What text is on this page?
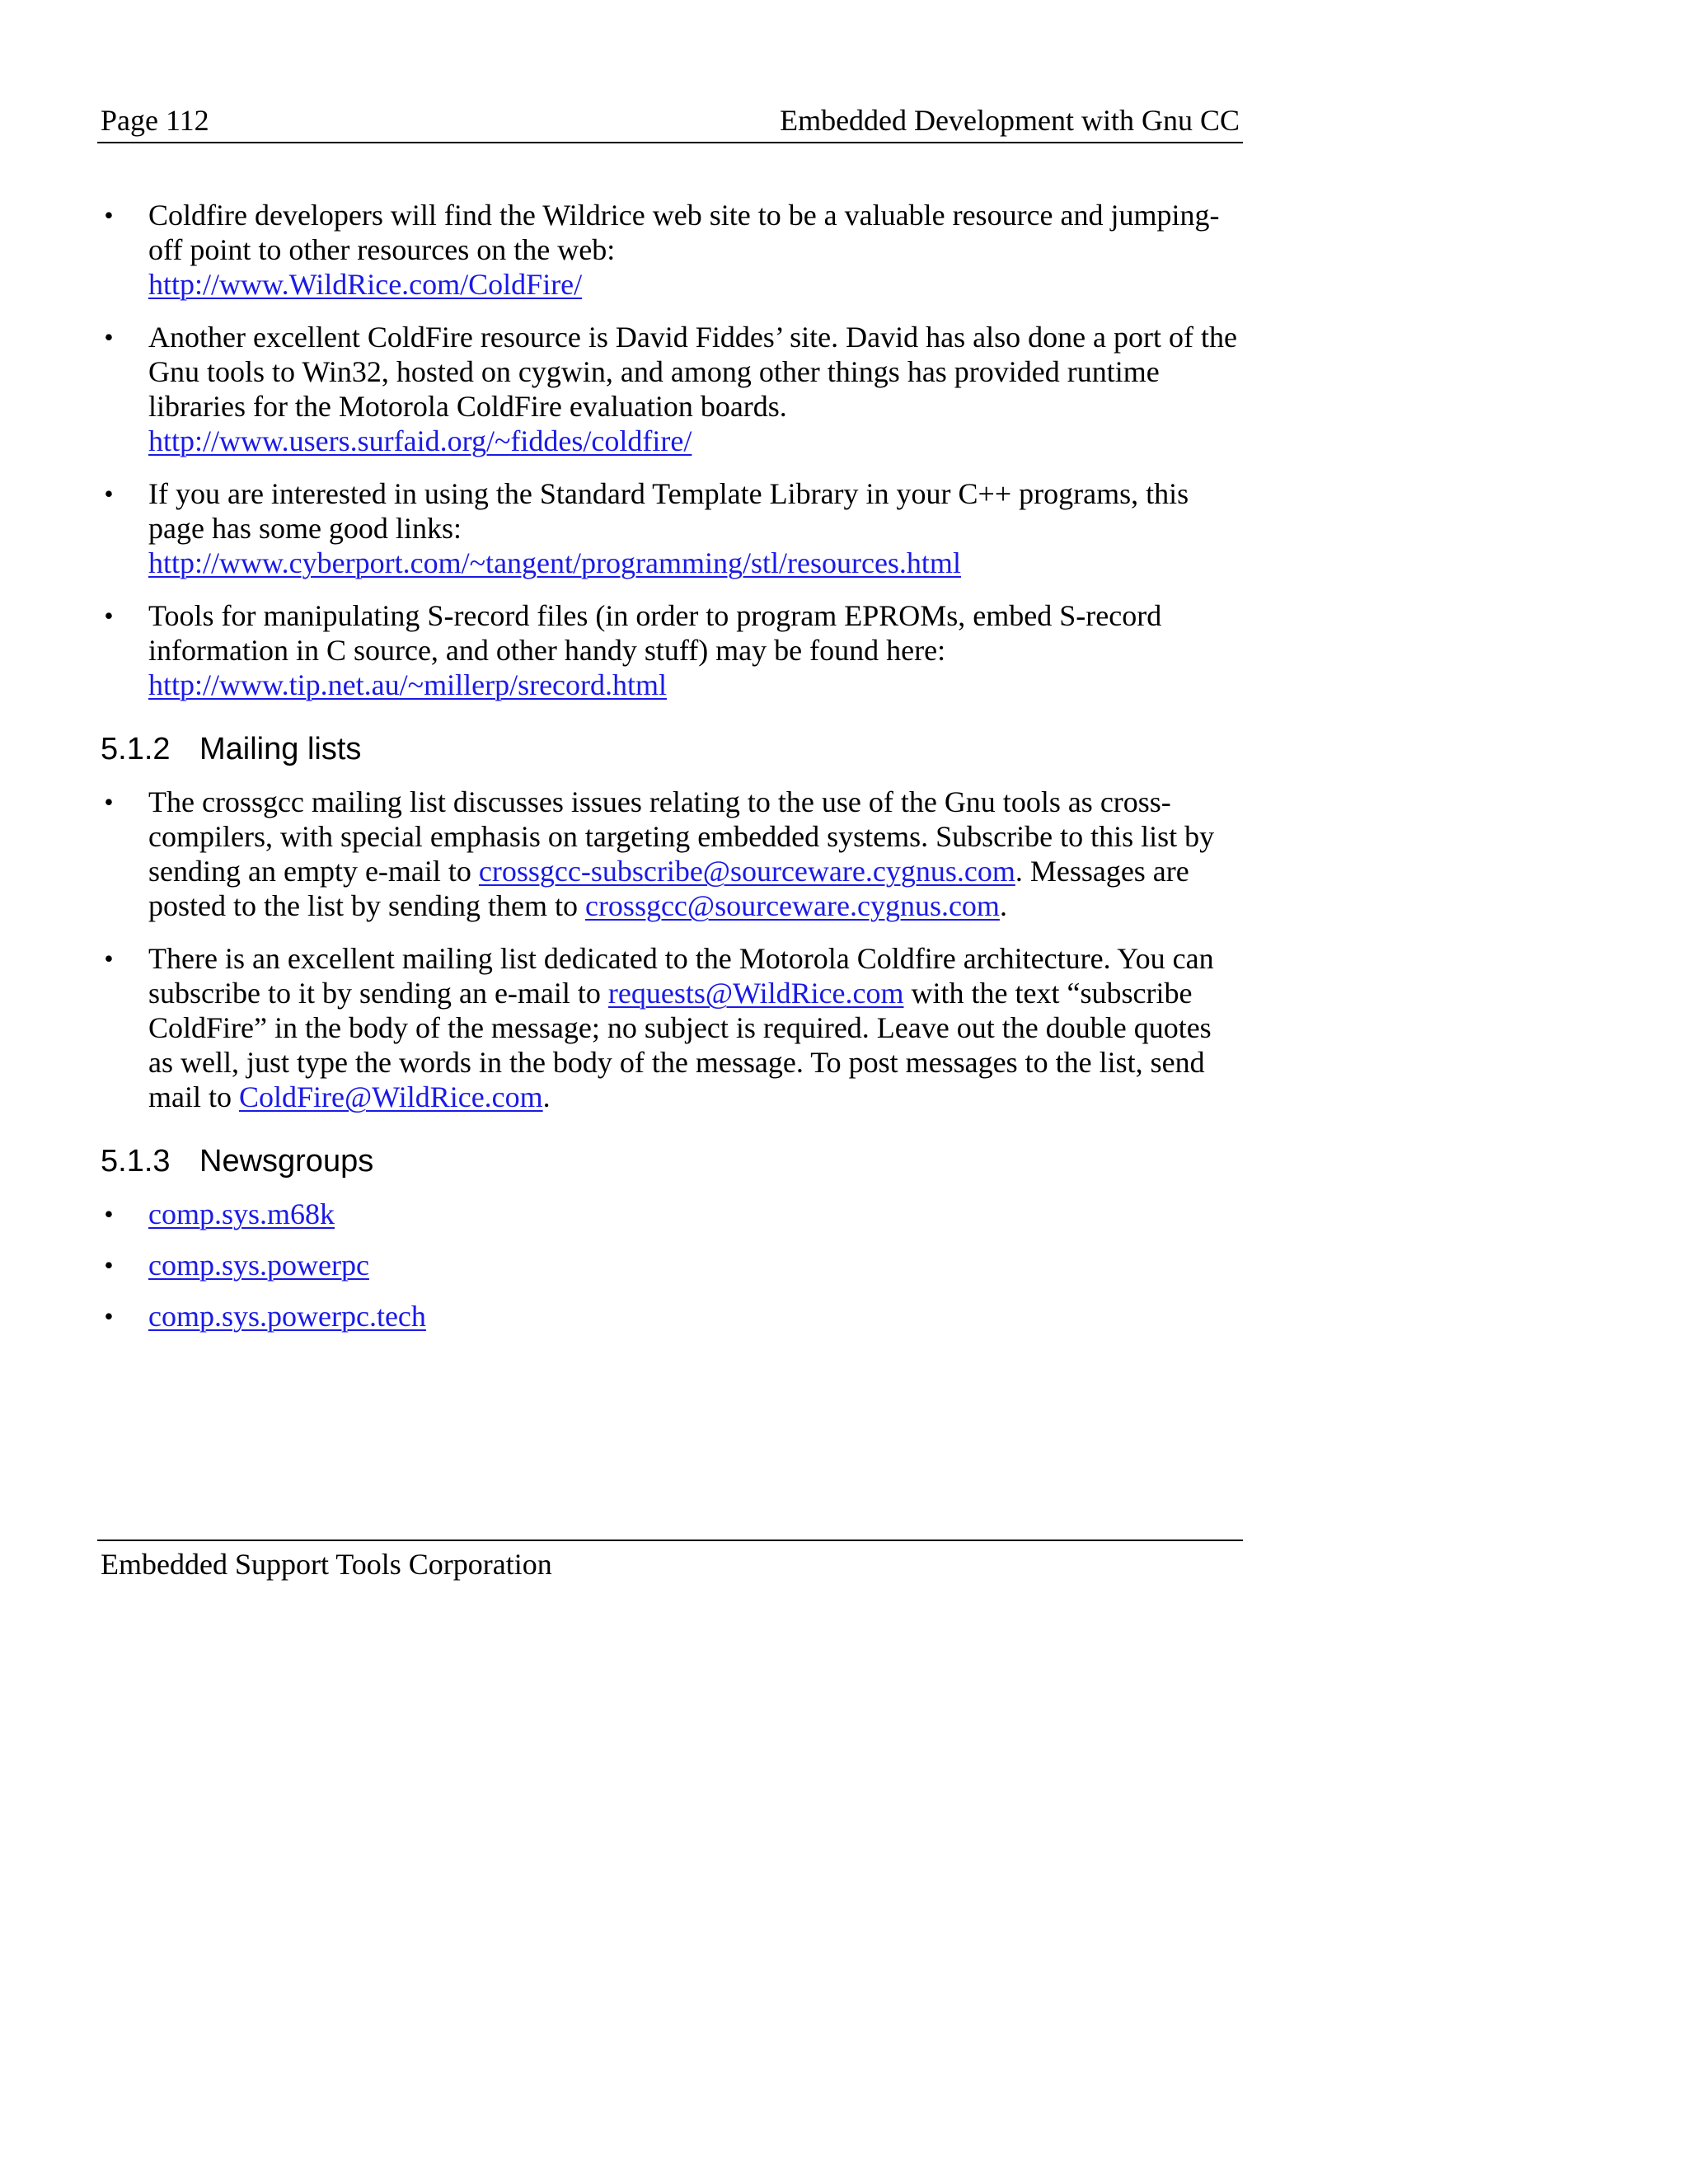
Page 112	Embedded Development with Gnu CC
• Coldfire developers will find the Wildrice web site to be a valuable resource and jumping-off point to other resources on the web:
http://www.WildRice.com/ColdFire/
• Another excellent ColdFire resource is David Fiddes’ site. David has also done a port of the Gnu tools to Win32, hosted on cygwin, and among other things has provided runtime libraries for the Motorola ColdFire evaluation boards.
http://www.users.surfaid.org/~fiddes/coldfire/
• If you are interested in using the Standard Template Library in your C++ programs, this page has some good links:
http://www.cyberport.com/~tangent/programming/stl/resources.html
• Tools for manipulating S-record files (in order to program EPROMs, embed S-record information in C source, and other handy stuff) may be found here:
http://www.tip.net.au/~millerp/srecord.html
5.1.2 Mailing lists
• The crossgcc mailing list discusses issues relating to the use of the Gnu tools as cross-compilers, with special emphasis on targeting embedded systems. Subscribe to this list by sending an empty e-mail to crossgcc-subscribe@sourceware.cygnus.com. Messages are posted to the list by sending them to crossgcc@sourceware.cygnus.com.
• There is an excellent mailing list dedicated to the Motorola Coldfire architecture. You can subscribe to it by sending an e-mail to requests@WildRice.com with the text “subscribe ColdFire” in the body of the message; no subject is required. Leave out the double quotes as well, just type the words in the body of the message. To post messages to the list, send mail to ColdFire@WildRice.com.
5.1.3 Newsgroups
• comp.sys.m68k
• comp.sys.powerpc
• comp.sys.powerpc.tech
Embedded Support Tools Corporation
